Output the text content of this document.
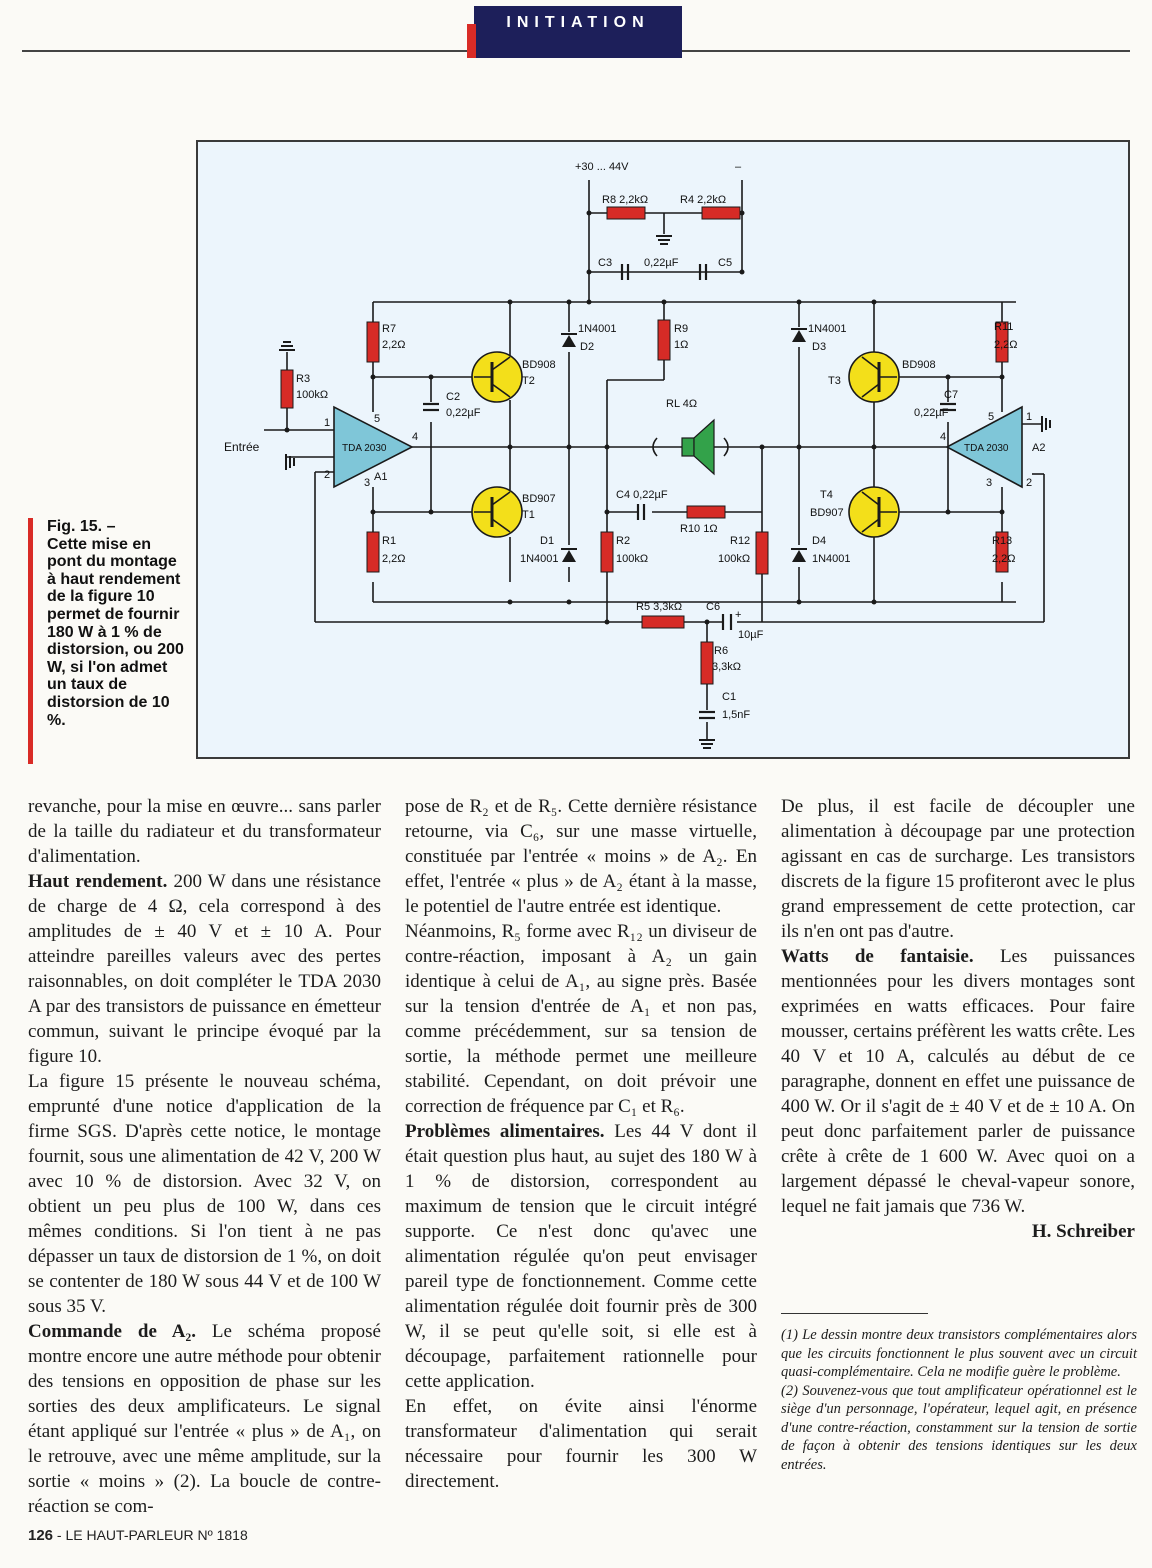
INITIATION
+30 ... 44V	–
R8 2,2kΩ	R4 2,2kΩ
C3	0,22µF	C5
R7
2,2Ω
R3
100kΩ	C2
0,22µF
BD908
T2
1N4001
D2
R9
1Ω
RL 4Ω
1N4001
D3
T3
BD908
R11
2,2Ω
C7
0,22µF
Entrée	TDA 2030	TDA 2030
A1
A2
1	5
4
2
3
4
5	1
2
3
BD907
T1
C4 0,22µF
R10 1Ω
T4
BD907
R1
2,2Ω
D1
1N4001
R2
100kΩ
R12
100kΩ
D4
1N4001
R13
2,2Ω
R5 3,3kΩ C6
10µF
+
R6
3,3kΩ
C1
1,5nF
Fig. 15. –
Cette mise en pont du montage à haut rendement de la figure 10 permet de fournir 180 W à 1 % de distorsion, ou 200 W, si l'on admet un taux de distorsion de 10 %.

revanche, pour la mise en œuvre... sans parler de la taille du radiateur et du transformateur d'alimentation.

Haut rendement. 200 W dans une résistance de charge de 4 Ω, cela correspond à des amplitudes de ± 40 V et ± 10 A. Pour atteindre pareilles valeurs avec des pertes raisonnables, on doit compléter le TDA 2030 A par des transistors de puissance en émetteur commun, suivant le principe évoqué par la figure 10.

La figure 15 présente le nouveau schéma, emprunté d'une notice d'application de la firme SGS. D'après cette notice, le montage fournit, sous une alimentation de 42 V, 200 W avec 10 % de distorsion. Avec 32 V, on obtient un peu plus de 100 W, dans ces mêmes conditions. Si l'on tient à ne pas dépasser un taux de distorsion de 1 %, on doit se contenter de 180 W sous 44 V et de 100 W sous 35 V.

Commande de A₂. Le schéma proposé montre encore une autre méthode pour obtenir des tensions en opposition de phase sur les sorties des deux amplificateurs. Le signal étant appliqué sur l'entrée « plus » de A₁, on le retrouve, avec une même amplitude, sur la sortie « moins » (2). La boucle de contre-réaction se com-

pose de R₂ et de R₅. Cette dernière résistance retourne, via C₆, sur une masse virtuelle, constituée par l'entrée « moins » de A₂. En effet, l'entrée « plus » de A₂ étant à la masse, le potentiel de l'autre entrée est identique.

Néanmoins, R₅ forme avec R₁₂ un diviseur de contre-réaction, imposant à A₂ un gain identique à celui de A₁, au signe près. Basée sur la tension d'entrée de A₁ et non pas, comme précédemment, sur sa tension de sortie, la méthode permet une meilleure stabilité. Cependant, on doit prévoir une correction de fréquence par C₁ et R₆.

Problèmes alimentaires. Les 44 V dont il était question plus haut, au sujet des 180 W à 1 % de distorsion, correspondent au maximum de tension que le circuit intégré supporte. Ce n'est donc qu'avec une alimentation régulée qu'on peut envisager pareil type de fonctionnement. Comme cette alimentation régulée doit fournir près de 300 W, il se peut qu'elle soit, si elle est à découpage, parfaitement rationnelle pour cette application.

En effet, on évite ainsi l'énorme transformateur d'alimentation qui serait nécessaire pour fournir les 300 W directement.

De plus, il est facile de découpler une alimentation à découpage par une protection agissant en cas de surcharge. Les transistors discrets de la figure 15 profiteront avec le plus grand empressement de cette protection, car ils n'en ont pas d'autre.

Watts de fantaisie. Les puissances mentionnées pour les divers montages sont exprimées en watts efficaces. Pour faire mousser, certains préfèrent les watts crête. Les 40 V et 10 A, calculés au début de ce paragraphe, donnent en effet une puissance de 400 W. Or il s'agit de ± 40 V et de ± 10 A. On peut donc parfaitement parler de puissance crête à crête de 1 600 W. Avec quoi on a largement dépassé le cheval-vapeur sonore, lequel ne fait jamais que 736 W.

H. Schreiber

(1) Le dessin montre deux transistors complémentaires alors que les circuits fonctionnent le plus souvent avec un circuit quasi-complémentaire. Cela ne modifie guère le problème.

(2) Souvenez-vous que tout amplificateur opérationnel est le siège d'un personnage, l'opérateur, lequel agit, en présence d'une contre-réaction, constamment sur la tension de sortie de façon à obtenir des tensions identiques sur les deux entrées.

126 - LE HAUT-PARLEUR Nº 1818
